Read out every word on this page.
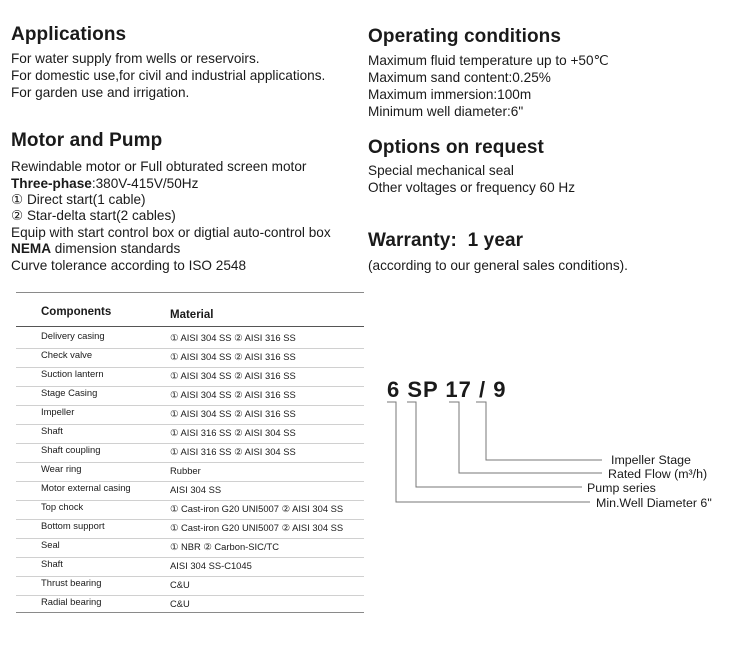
Applications
For water supply from wells or reservoirs.
For domestic use,for civil and industrial applications.
For garden use and irrigation.
Motor and Pump
Rewindable motor or Full obturated screen motor
Three-phase:380V-415V/50Hz
① Direct start(1 cable)
② Star-delta start(2 cables)
Equip with start control box or digtial auto-control box
NEMA dimension standards
Curve tolerance according to ISO 2548
Operating conditions
Maximum fluid temperature up to +50℃
Maximum sand content:0.25%
Maximum immersion:100m
Minimum well diameter:6"
Options on request
Special mechanical seal
Other voltages or frequency 60 Hz
Warranty:  1 year
(according to our general sales conditions).
Components	Material
Delivery casing	① AISI 304 SS ② AISI 316 SS
Check valve	① AISI 304 SS ② AISI 316 SS
Suction lantern	① AISI 304 SS ② AISI 316 SS
Stage Casing	① AISI 304 SS ② AISI 316 SS
Impeller	① AISI 304 SS ② AISI 316 SS
Shaft	① AISI 316 SS ② AISI 304 SS
Shaft coupling	① AISI 316 SS ② AISI 304 SS
Wear ring	Rubber
Motor external casing	AISI 304 SS
Top chock	① Cast-iron G20 UNI5007 ② AISI 304 SS
Bottom support	① Cast-iron G20 UNI5007 ② AISI 304 SS
Seal	① NBR ② Carbon-SIC/TC
Shaft	AISI 304 SS-C1045
Thrust bearing	C&U
Radial bearing	C&U
6 SP 17 / 9
Impeller Stage
Rated Flow (m³/h)
Pump series
Min.Well Diameter 6"
